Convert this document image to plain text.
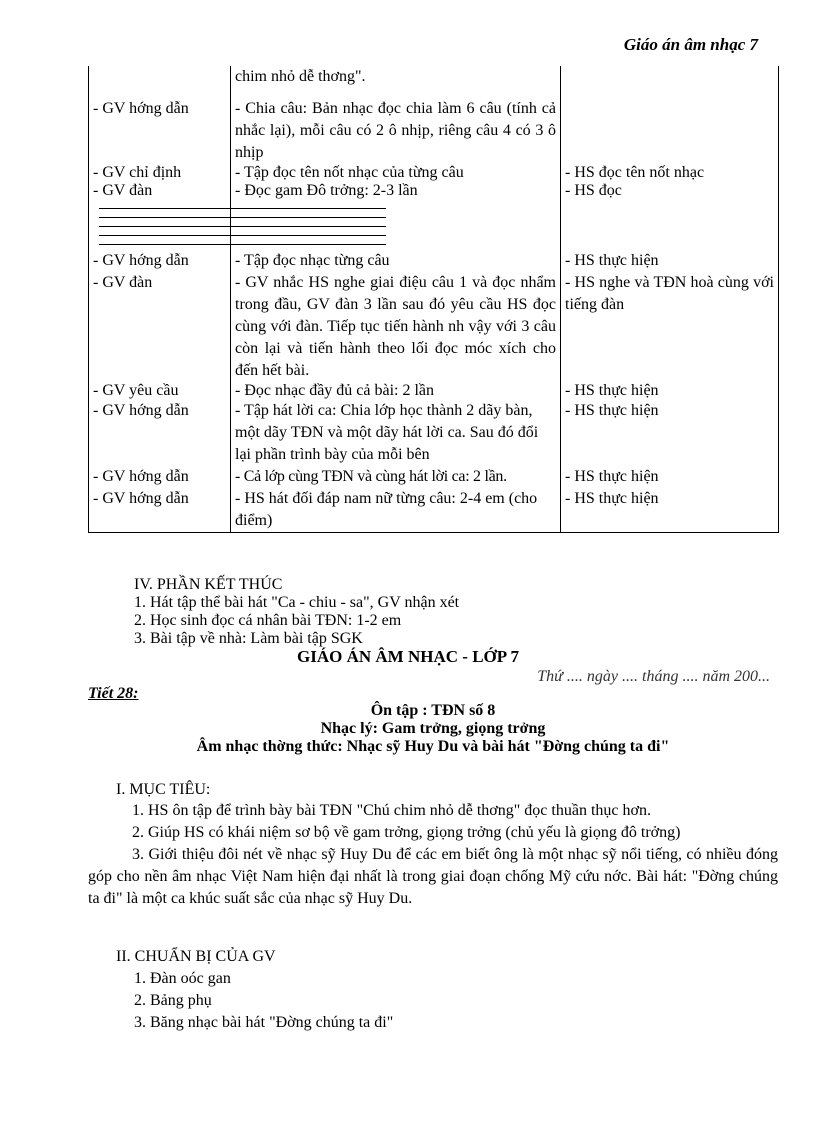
Giáo án âm nhạc 7
	chim nhỏ dễ thơng".	
- GV hớng dẫn	- Chia câu: Bản nhạc đọc chia làm 6 câu (tính cả nhắc lại), mỗi câu có 2 ô nhịp, riêng câu 4 có 3 ô nhịp	
- GV chỉ định	- Tập đọc tên nốt nhạc của từng câu	- HS đọc tên nốt nhạc
- GV đàn	- Đọc gam Đô trởng: 2-3 lần	- HS đọc

- GV hớng dẫn	- Tập đọc nhạc từng câu	- HS thực hiện
- GV đàn	- GV nhắc HS nghe giai điệu câu 1 và đọc nhẩm trong đầu, GV đàn 3 lần sau đó yêu cầu HS đọc cùng với đàn. Tiếp tục tiến hành nh vậy với 3 câu còn lại và tiến hành theo lối đọc móc xích cho đến hết bài.	- HS nghe và TĐN hoà cùng với tiếng đàn
- GV yêu cầu	- Đọc nhạc đầy đủ cả bài: 2 lần	- HS thực hiện
- GV hớng dẫn	- Tập hát lời ca: Chia lớp học thành 2 dãy bàn, một dãy TĐN và một dãy hát lời ca. Sau đó đổi lại phần trình bày của mỗi bên	- HS thực hiện
- GV hớng dẫn	- Cả lớp cùng TĐN và cùng hát lời ca: 2 lần.	- HS thực hiện
- GV hớng dẫn	- HS hát đối đáp nam nữ từng câu: 2-4 em (cho điểm)	- HS thực hiện
IV. PHẦN KẾT THÚC
1. Hát tập thể bài hát "Ca - chiu - sa", GV nhận xét
2. Học sinh đọc cá nhân bài TĐN: 1-2 em
3. Bài tập về nhà: Làm bài tập SGK
GIÁO ÁN ÂM NHẠC - LỚP 7
Thứ .... ngày .... tháng .... năm 200...
Tiết 28:
Ôn tập : TĐN số 8
Nhạc lý: Gam trởng, giọng trởng
Âm nhạc thờng thức: Nhạc sỹ Huy Du và bài hát "Đờng chúng ta đi"
I. MỤC TIÊU:
1. HS ôn tập để trình bày bài TĐN "Chú chim nhỏ dễ thơng" đọc thuần thục hơn.
2. Giúp HS có khái niệm sơ bộ về gam trởng, giọng trởng (chủ yếu là giọng đô trởng)
3. Giới thiệu đôi nét về nhạc sỹ Huy Du để các em biết ông là một nhạc sỹ nổi tiếng, có nhiều đóng góp cho nền âm nhạc Việt Nam hiện đại nhất là trong giai đoạn chống Mỹ cứu nớc. Bài hát: "Đờng chúng ta đi" là một ca khúc suất sắc của nhạc sỹ Huy Du.
II. CHUẨN BỊ CỦA GV
1. Đàn oóc gan
2. Bảng phụ
3. Băng nhạc bài hát "Đờng chúng ta đi"
